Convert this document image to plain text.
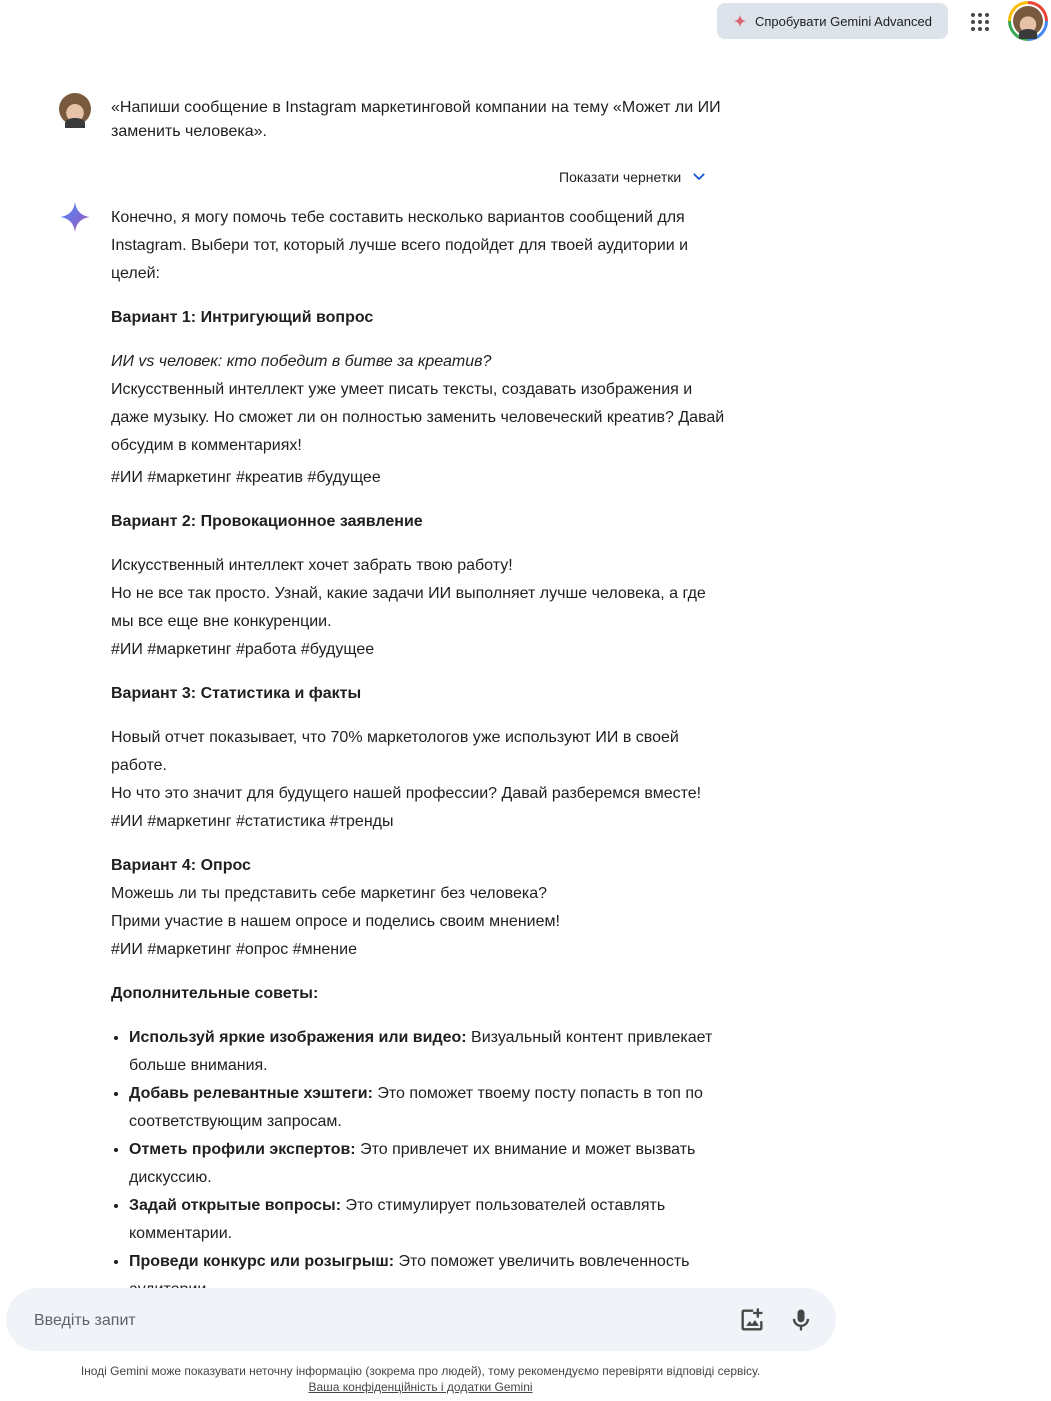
Спробувати Gemini Advanced
«Напиши сообщение в Instagram маркетинговой компании на тему «Может ли ИИ заменить человека».
Показати чернетки

Конечно, я могу помочь тебе составить несколько вариантов сообщений для Instagram. Выбери тот, который лучше всего подойдет для твоей аудитории и целей:

Вариант 1: Интригующий вопрос

ИИ vs человек: кто победит в битве за креатив?

Искусственный интеллект уже умеет писать тексты, создавать изображения и даже музыку. Но сможет ли он полностью заменить человеческий креатив? Давай обсудим в комментариях!

#ИИ #маркетинг #креатив #будущее

Вариант 2: Провокационное заявление

Искусственный интеллект хочет забрать твою работу!

Но не все так просто. Узнай, какие задачи ИИ выполняет лучше человека, а где мы все еще вне конкуренции.

#ИИ #маркетинг #работа #будущее

Вариант 3: Статистика и факты

Новый отчет показывает, что 70% маркетологов уже используют ИИ в своей работе.

Но что это значит для будущего нашей профессии? Давай разберемся вместе!

#ИИ #маркетинг #статистика #тренды

Вариант 4: Опрос

Можешь ли ты представить себе маркетинг без человека?

Прими участие в нашем опросе и поделись своим мнением!

#ИИ #маркетинг #опрос #мнение

Дополнительные советы:

• Используй яркие изображения или видео: Визуальный контент привлекает больше внимания.
• Добавь релевантные хэштеги: Это поможет твоему посту попасть в топ по соответствующим запросам.
• Отметь профили экспертов: Это привлечет их внимание и может вызвать дискуссию.
• Задай открытые вопросы: Это стимулирует пользователей оставлять комментарии.
• Проведи конкурс или розыгрыш: Это поможет увеличить вовлеченность
Введіть запит
Іноді Gemini може показувати неточну інформацію (зокрема про людей), тому рекомендуємо перевіряти відповіді сервісу.
Ваша конфіденційність і додатки Gemini
